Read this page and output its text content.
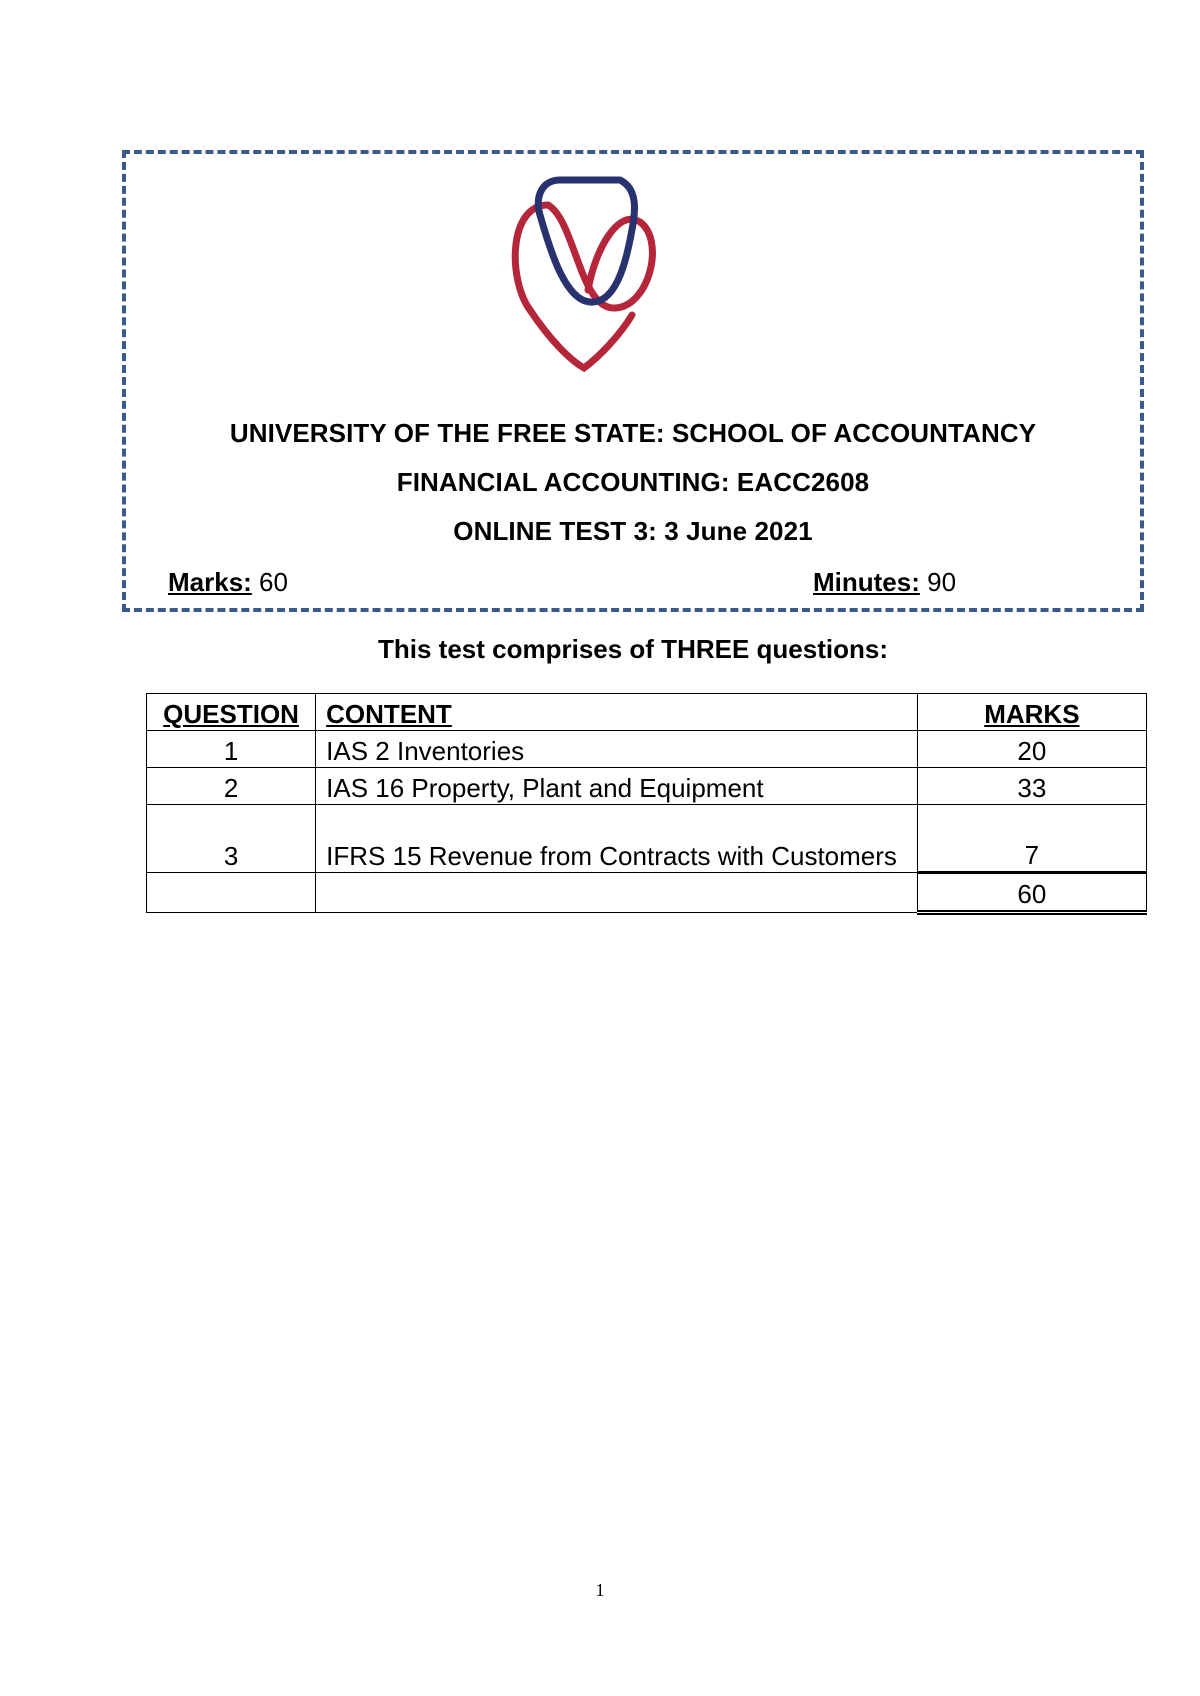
UNIVERSITY OF THE FREE STATE: SCHOOL OF ACCOUNTANCY
FINANCIAL ACCOUNTING: EACC2608
ONLINE TEST 3: 3 June 2021
Marks: 60	Minutes: 90
This test comprises of THREE questions:
QUESTION	CONTENT	MARKS
1	IAS 2 Inventories	20
2	IAS 16 Property, Plant and Equipment	33
3	IFRS 15 Revenue from Contracts with Customers	7
		60
1
